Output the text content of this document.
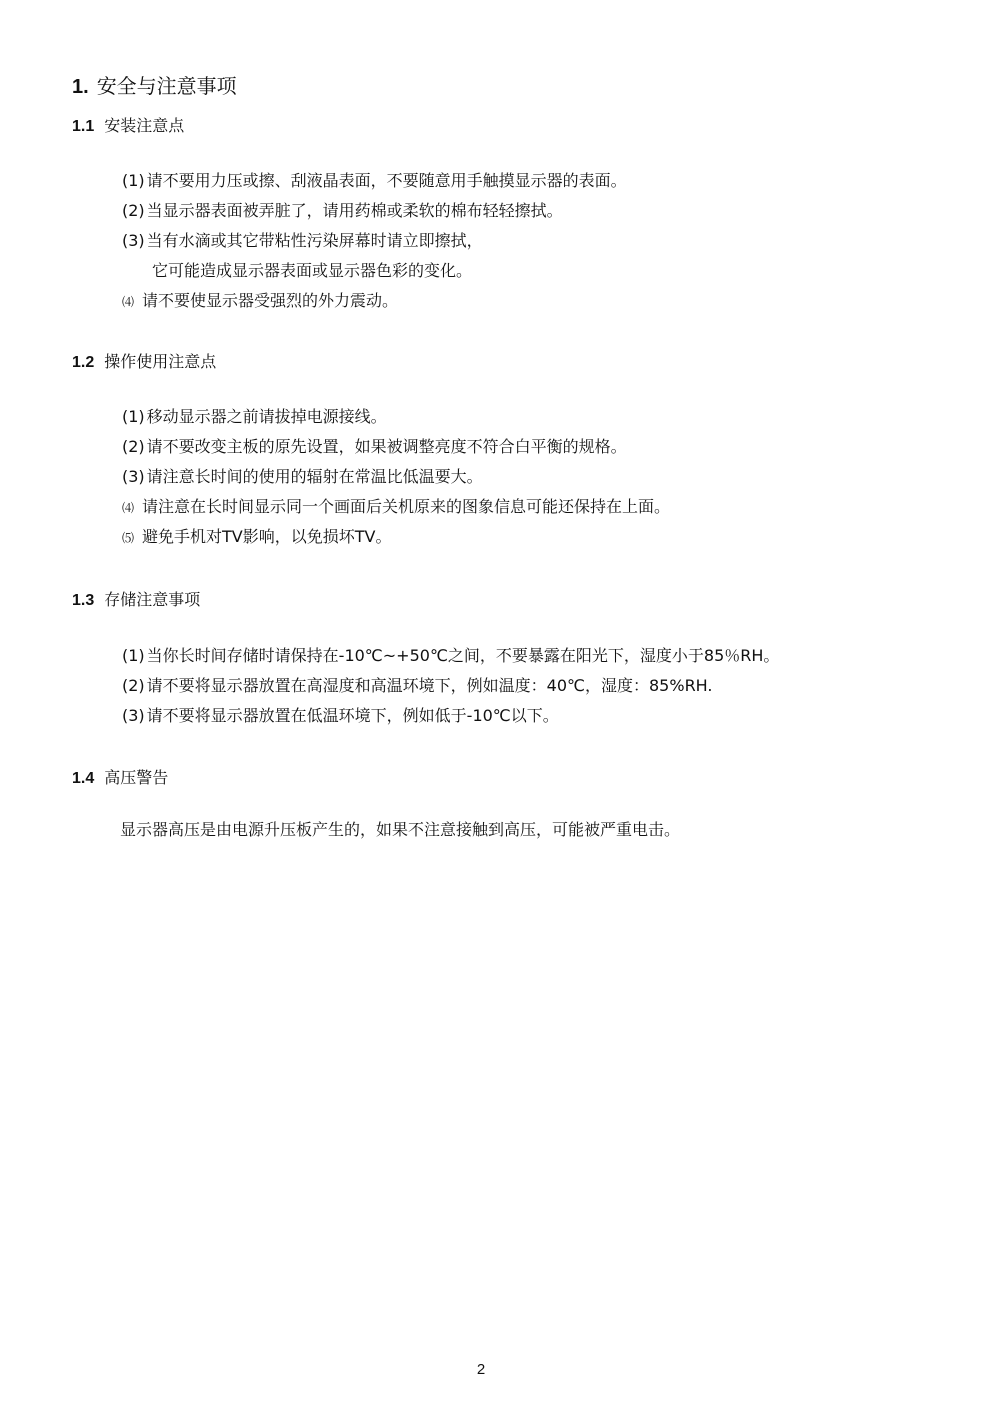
1. 安全与注意事项
1.1 安装注意点
(1) 请不要用力压或擦、刮液晶表面，不要随意用手触摸显示器的表面。
(2) 当显示器表面被弄脏了，请用药棉或柔软的棉布轻轻擦拭。
(3) 当有水滴或其它带粘性污染屏幕时请立即擦拭，
它可能造成显示器表面或显示器色彩的变化。
⑷ 请不要使显示器受强烈的外力震动。
1.2 操作使用注意点
(1) 移动显示器之前请拔掉电源接线。
(2) 请不要改变主板的原先设置，如果被调整亮度不符合白平衡的规格。
(3) 请注意长时间的使用的辐射在常温比低温要大。
⑷ 请注意在长时间显示同一个画面后关机原来的图象信息可能还保持在上面。
⑸ 避免手机对TV影响，以免损坏TV。
1.3 存储注意事项
(1) 当你长时间存储时请保持在-10℃~+50℃之间，不要暴露在阳光下，湿度小于85％RH。
(2) 请不要将显示器放置在高湿度和高温环境下，例如温度：40℃，湿度：85%RH.
(3) 请不要将显示器放置在低温环境下，例如低于-10℃以下。
1.4 高压警告
显示器高压是由电源升压板产生的，如果不注意接触到高压，可能被严重电击。
2
